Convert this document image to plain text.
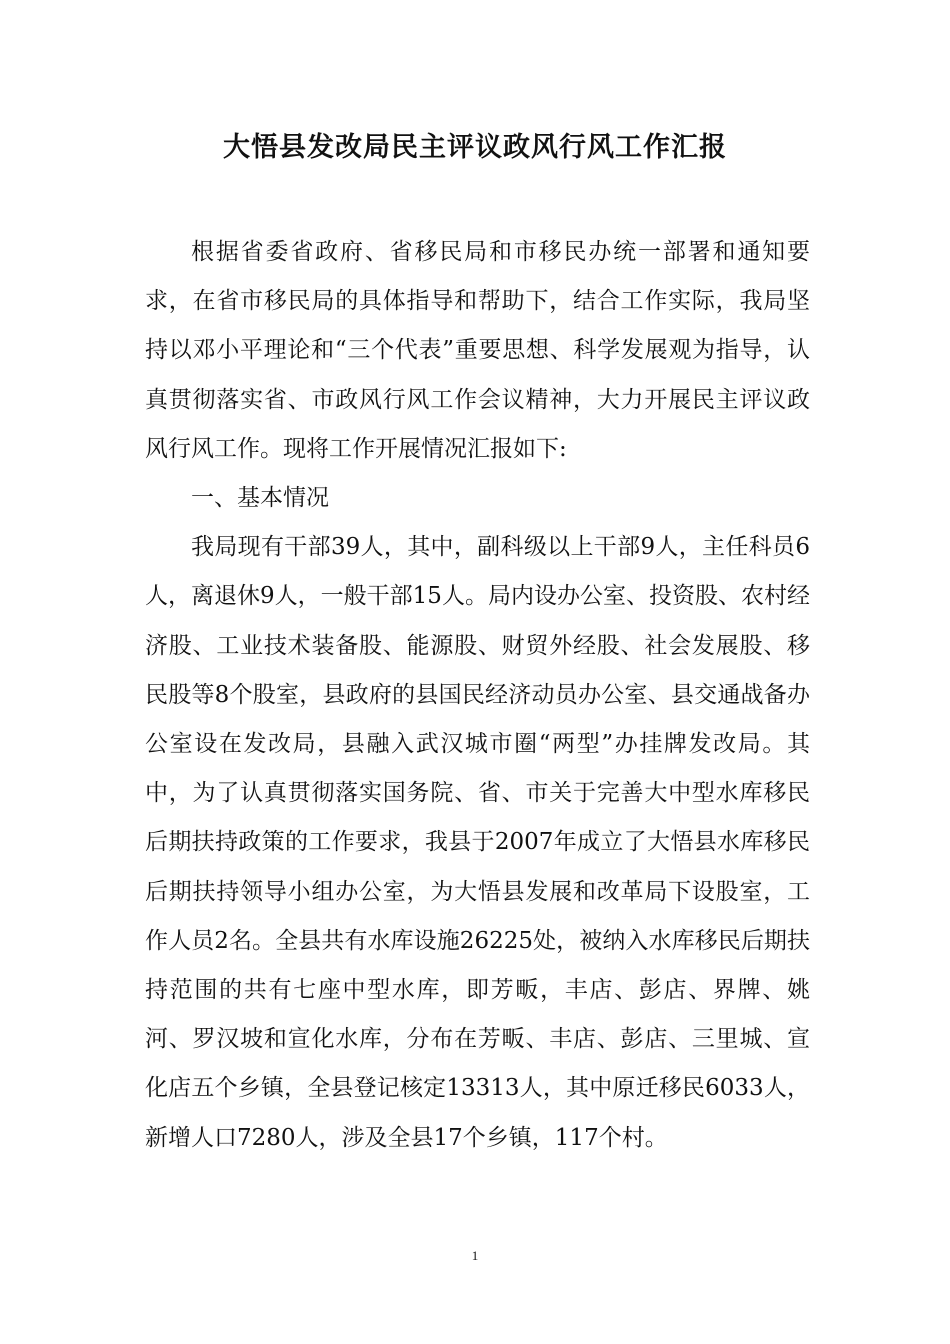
大悟县发改局民主评议政风行风工作汇报

根据省委省政府、省移民局和市移民办统一部署和通知要求，在省市移民局的具体指导和帮助下，结合工作实际，我局坚持以邓小平理论和“三个代表”重要思想、科学发展观为指导，认真贯彻落实省、市政风行风工作会议精神，大力开展民主评议政风行风工作。现将工作开展情况汇报如下:

一、基本情况

我局现有干部39人，其中，副科级以上干部9人，主任科员6人，离退休9人，一般干部15人。局内设办公室、投资股、农村经济股、工业技术装备股、能源股、财贸外经股、社会发展股、移民股等8个股室，县政府的县国民经济动员办公室、县交通战备办公室设在发改局，县融入武汉城市圈“两型”办挂牌发改局。其中，为了认真贯彻落实国务院、省、市关于完善大中型水库移民后期扶持政策的工作要求，我县于2007年成立了大悟县水库移民后期扶持领导小组办公室，为大悟县发展和改革局下设股室，工作人员2名。全县共有水库设施26225处，被纳入水库移民后期扶持范围的共有七座中型水库，即芳畈，丰店、彭店、界牌、姚河、罗汉坡和宣化水库，分布在芳畈、丰店、彭店、三里城、宣化店五个乡镇，全县登记核定13313人，其中原迁移民6033人，新增人口7280人，涉及全县17个乡镇，117个村。

1
